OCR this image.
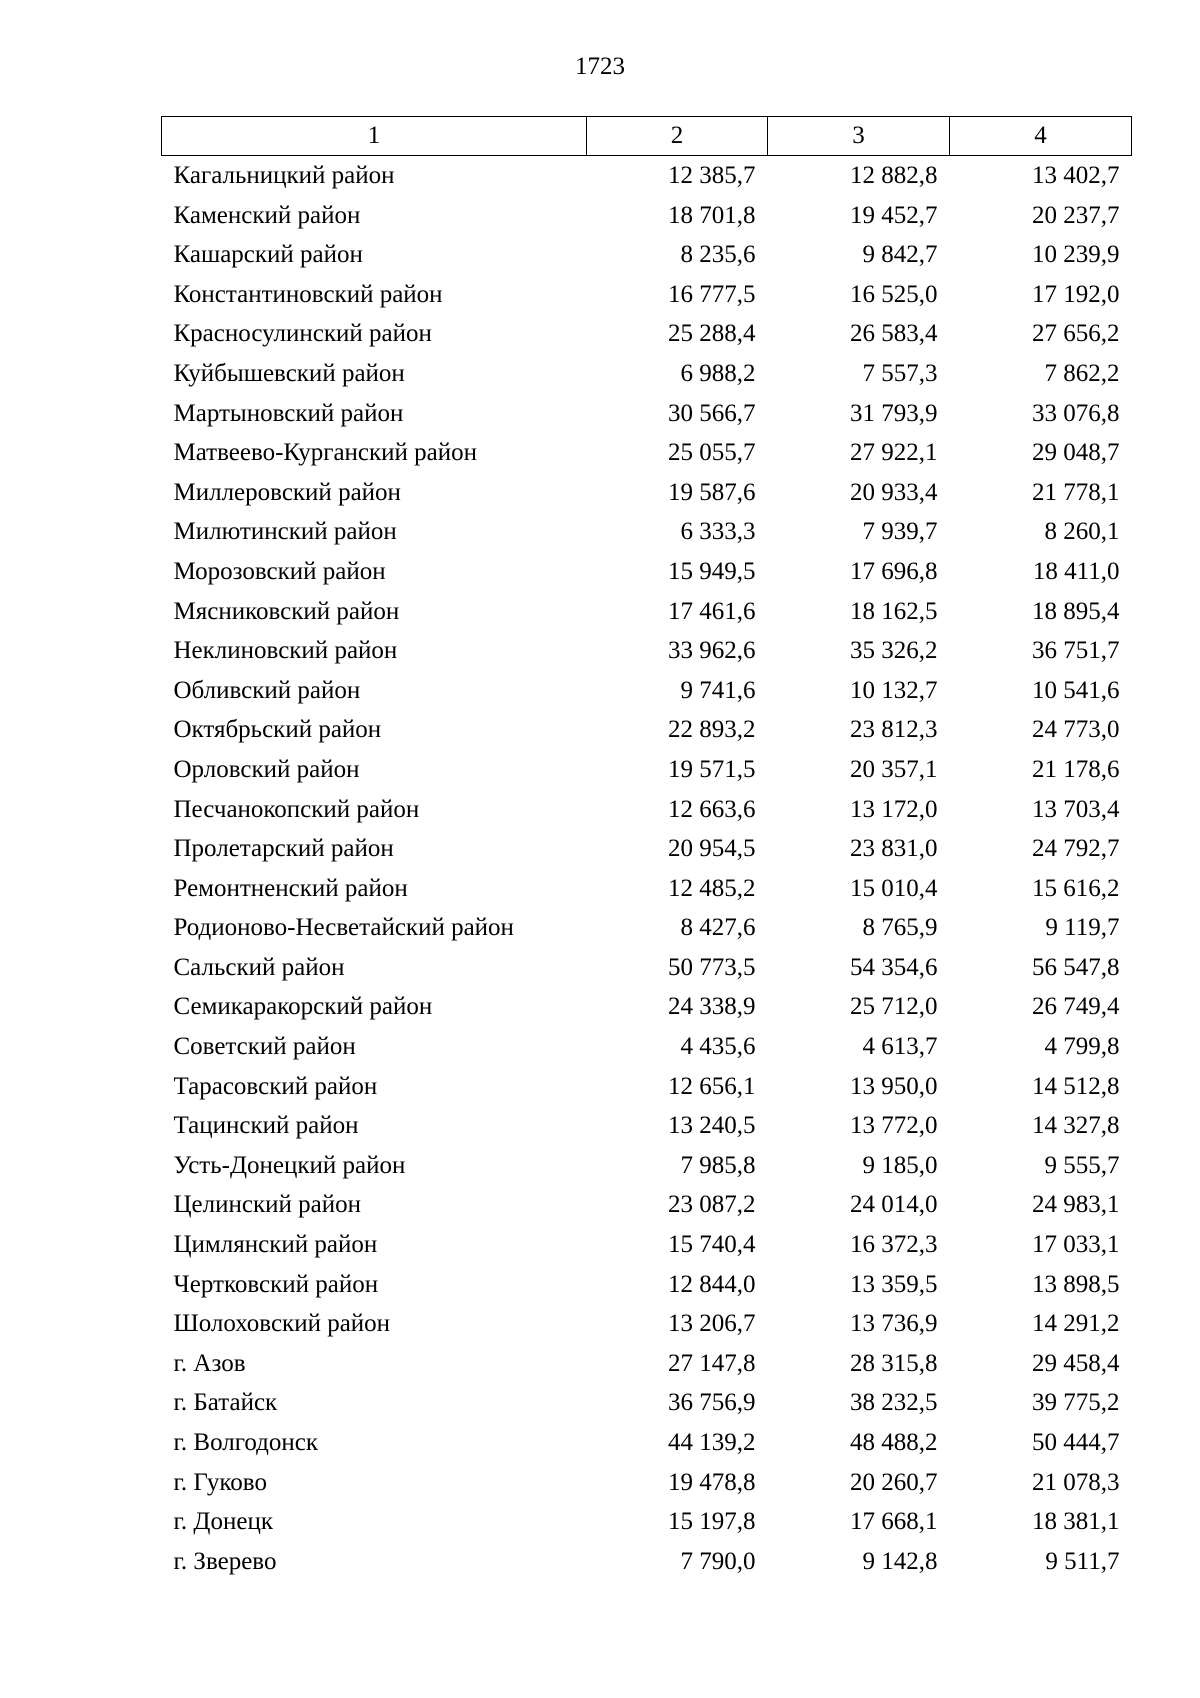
1723
1	2	3	4
Кагальницкий район	12 385,7	12 882,8	13 402,7
Каменский район	18 701,8	19 452,7	20 237,7
Кашарский район	8 235,6	9 842,7	10 239,9
Константиновский район	16 777,5	16 525,0	17 192,0
Красносулинский район	25 288,4	26 583,4	27 656,2
Куйбышевский район	6 988,2	7 557,3	7 862,2
Мартыновский район	30 566,7	31 793,9	33 076,8
Матвеево-Курганский район	25 055,7	27 922,1	29 048,7
Миллеровский район	19 587,6	20 933,4	21 778,1
Милютинский район	6 333,3	7 939,7	8 260,1
Морозовский район	15 949,5	17 696,8	18 411,0
Мясниковский район	17 461,6	18 162,5	18 895,4
Неклиновский район	33 962,6	35 326,2	36 751,7
Обливский район	9 741,6	10 132,7	10 541,6
Октябрьский район	22 893,2	23 812,3	24 773,0
Орловский район	19 571,5	20 357,1	21 178,6
Песчанокопский район	12 663,6	13 172,0	13 703,4
Пролетарский район	20 954,5	23 831,0	24 792,7
Ремонтненский район	12 485,2	15 010,4	15 616,2
Родионово-Несветайский район	8 427,6	8 765,9	9 119,7
Сальский район	50 773,5	54 354,6	56 547,8
Семикаракорский район	24 338,9	25 712,0	26 749,4
Советский район	4 435,6	4 613,7	4 799,8
Тарасовский район	12 656,1	13 950,0	14 512,8
Тацинский район	13 240,5	13 772,0	14 327,8
Усть-Донецкий район	7 985,8	9 185,0	9 555,7
Целинский район	23 087,2	24 014,0	24 983,1
Цимлянский район	15 740,4	16 372,3	17 033,1
Чертковский район	12 844,0	13 359,5	13 898,5
Шолоховский район	13 206,7	13 736,9	14 291,2
г. Азов	27 147,8	28 315,8	29 458,4
г. Батайск	36 756,9	38 232,5	39 775,2
г. Волгодонск	44 139,2	48 488,2	50 444,7
г. Гуково	19 478,8	20 260,7	21 078,3
г. Донецк	15 197,8	17 668,1	18 381,1
г. Зверево	7 790,0	9 142,8	9 511,7
